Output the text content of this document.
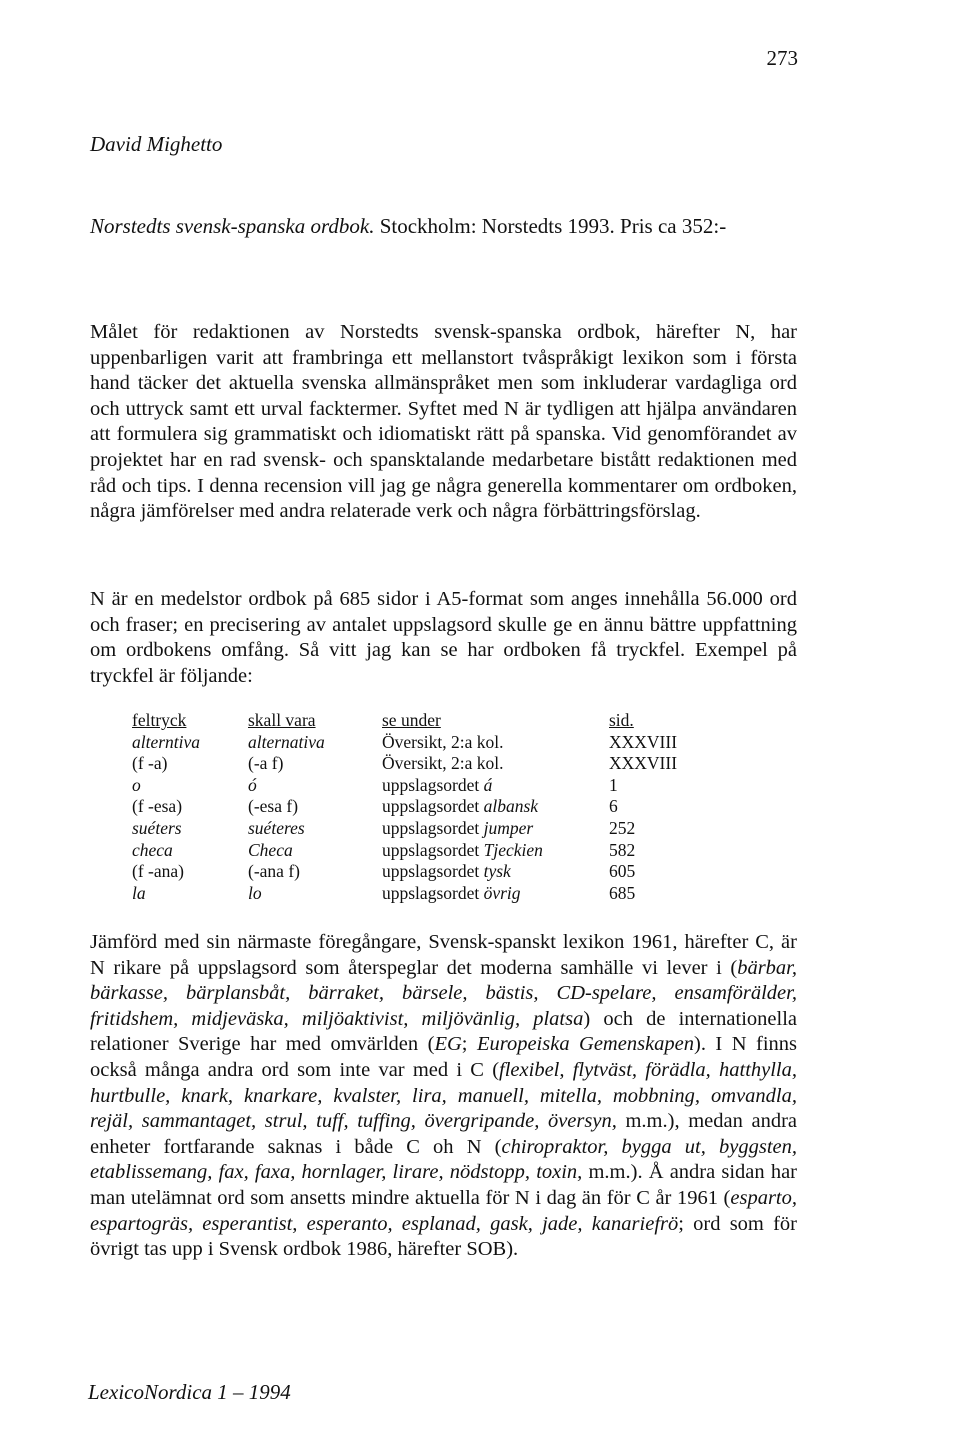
273
David Mighetto
Norstedts svensk-spanska ordbok. Stockholm: Norstedts 1993. Pris ca 352:-
Målet för redaktionen av Norstedts svensk-spanska ordbok, härefter N, har uppenbarligen varit att frambringa ett mellanstort tvåspråkigt lexikon som i första hand täcker det aktuella svenska allmänspråket men som inkluderar vardagliga ord och uttryck samt ett urval facktermer. Syftet med N är tydligen att hjälpa användaren att formulera sig grammatiskt och idiomatiskt rätt på spanska. Vid genomförandet av projektet har en rad svensk- och spansktalande medarbetare bistått redaktionen med råd och tips. I denna recension vill jag ge några generella kommentarer om ordboken, några jämförelser med andra relaterade verk och några förbättringsförslag.
N är en medelstor ordbok på 685 sidor i A5-format som anges innehålla 56.000 ord och fraser; en precisering av antalet uppslagsord skulle ge en ännu bättre uppfattning om ordbokens omfång. Så vitt jag kan se har ordboken få tryckfel. Exempel på tryckfel är följande:
feltryck	skall vara	se under	sid.
alterntiva	alternativa	Översikt, 2:a kol.	XXXVIII
(f -a)	(-a f)	Översikt, 2:a kol.	XXXVIII
o	ó	uppslagsordet á	1
(f -esa)	(-esa f)	uppslagsordet albansk	6
suéters	suéteres	uppslagsordet jumper	252
checa	Checa	uppslagsordet Tjeckien	582
(f -ana)	(-ana f)	uppslagsordet tysk	605
la	lo	uppslagsordet övrig	685
Jämförd med sin närmaste föregångare, Svensk-spanskt lexikon 1961, härefter C, är N rikare på uppslagsord som återspeglar det moderna samhälle vi lever i (bärbar, bärkasse, bärplansbåt, bärraket, bärsele, bästis, CD-spelare, ensamförälder, fritidshem, midjeväska, miljöaktivist, miljövänlig, platsa) och de internationella relationer Sverige har med omvärlden (EG; Europeiska Gemenskapen). I N finns också många andra ord som inte var med i C (flexibel, flytväst, förädla, hatthylla, hurtbulle, knark, knarkare, kvalster, lira, manuell, mitella, mobbning, omvandla, rejäl, sammantaget, strul, tuff, tuffing, övergripande, översyn, m.m.), medan andra enheter fortfarande saknas i både C oh N (chiropraktor, bygga ut, byggsten, etablissemang, fax, faxa, hornlager, lirare, nödstopp, toxin, m.m.). Å andra sidan har man utelämnat ord som ansetts mindre aktuella för N i dag än för C år 1961 (esparto, espartogräs, esperantist, esperanto, esplanad, gask, jade, kanariefrö; ord som för övrigt tas upp i Svensk ordbok 1986, härefter SOB).
LexicoNordica 1 – 1994
